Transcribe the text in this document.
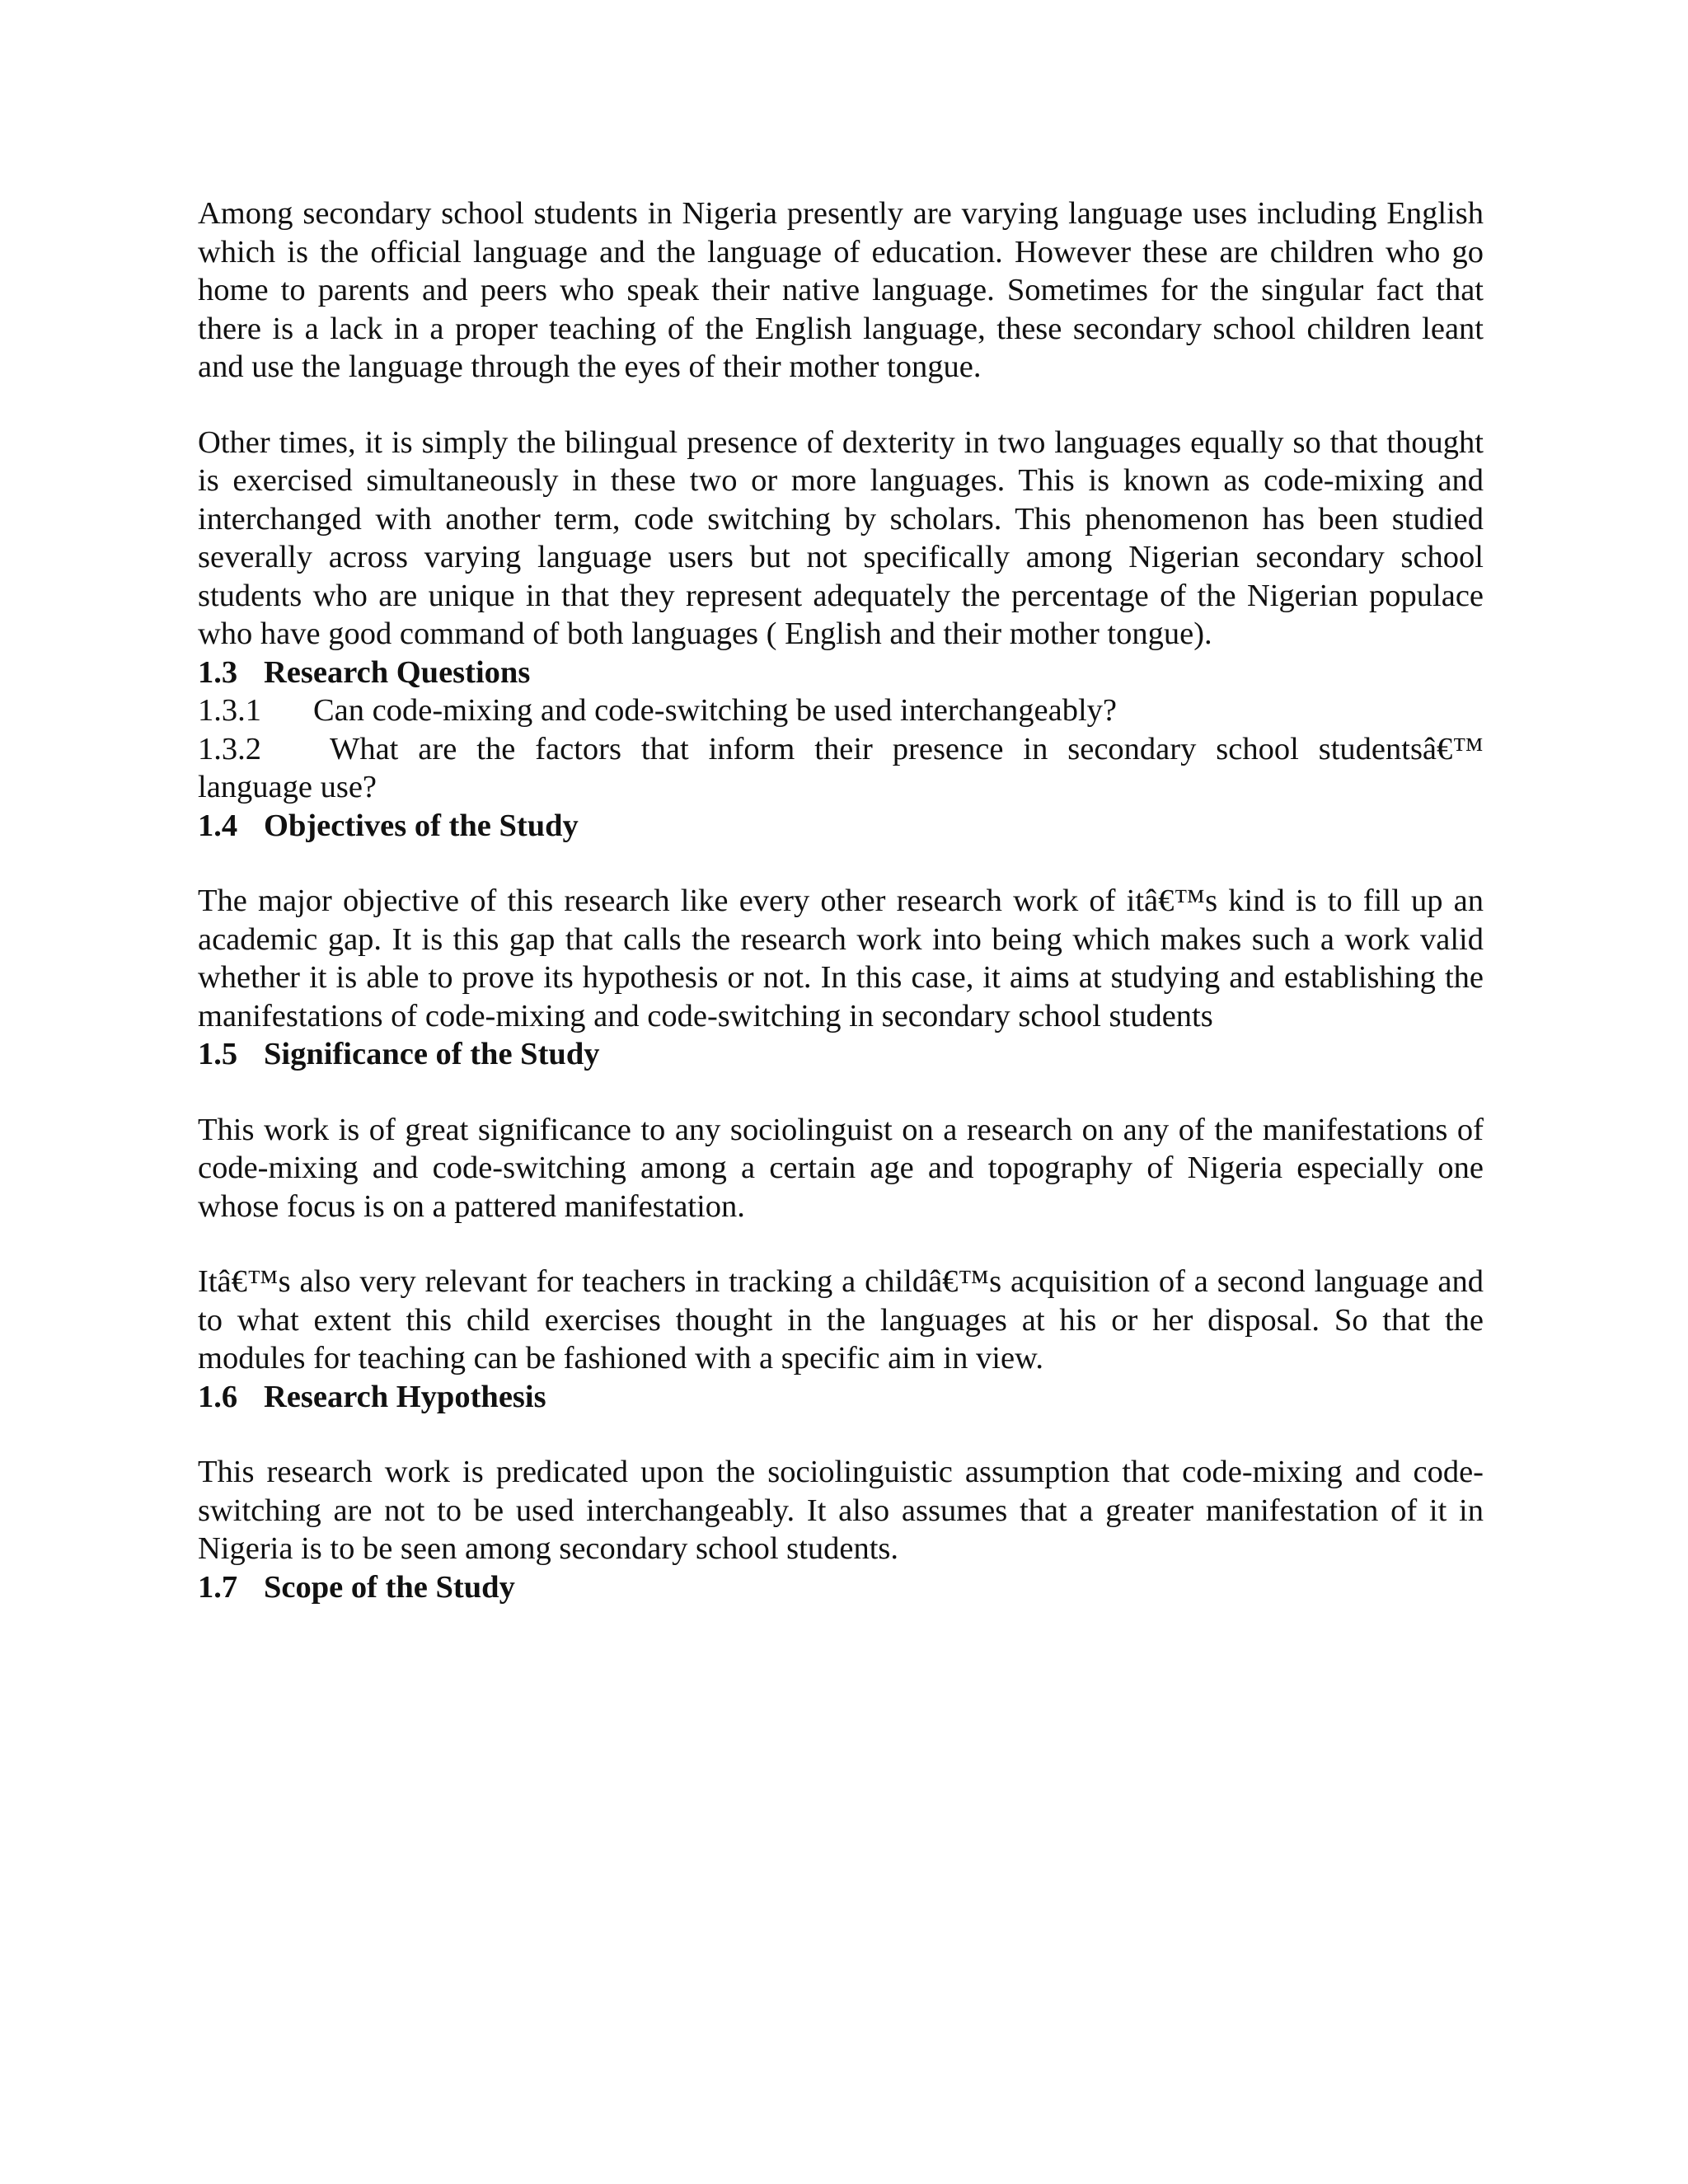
Among secondary school students in Nigeria presently are varying language uses including English which is the official language and the language of education. However these are children who go home to parents and peers who speak their native language. Sometimes for the singular fact that there is a lack in a proper teaching of the English language, these secondary school children leant and use the language through the eyes of their mother tongue.

Other times, it is simply the bilingual presence of dexterity in two languages equally so that thought is exercised simultaneously in these two or more languages. This is known as code-mixing and interchanged with another term, code switching by scholars. This phenomenon has been studied severally across varying language users but not specifically among Nigerian secondary school students who are unique in that they represent adequately the percentage of the Nigerian populace who have good command of both languages ( English and their mother tongue).

1.3 Research Questions

1.3.1 Can code-mixing and code-switching be used interchangeably?

1.3.2 What are the factors that inform their presence in secondary school studentsâ€™

language use?

1.4 Objectives of the Study

The major objective of this research like every other research work of itâ€™s kind is to fill up an academic gap. It is this gap that calls the research work into being which makes such a work valid whether it is able to prove its hypothesis or not. In this case, it aims at studying and establishing the manifestations of code-mixing and code-switching in secondary school students

1.5 Significance of the Study

This work is of great significance to any sociolinguist on a research on any of the manifestations of code-mixing and code-switching among a certain age and topography of Nigeria especially one whose focus is on a pattered manifestation.

Itâ€™s also very relevant for teachers in tracking a childâ€™s acquisition of a second language and to what extent this child exercises thought in the languages at his or her disposal. So that the modules for teaching can be fashioned with a specific aim in view.

1.6 Research Hypothesis

This research work is predicated upon the sociolinguistic assumption that code-mixing and code-switching are not to be used interchangeably. It also assumes that a greater manifestation of it in Nigeria is to be seen among secondary school students.

1.7 Scope of the Study
